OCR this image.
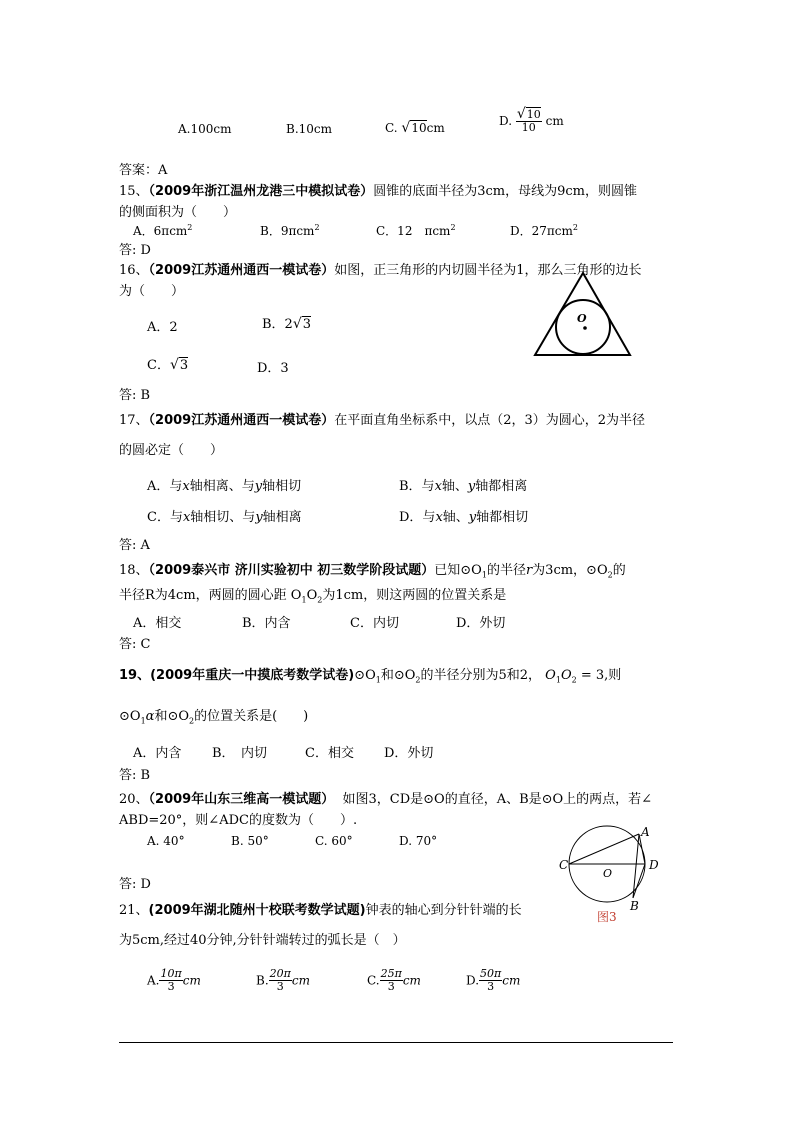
A.100cm	B.10cm	C. √10cm	D. $\frac{√10}{10}$ cm
答案：A
15、（2009年浙江温州龙港三中模拟试卷）圆锥的底面半径为3cm，母线为9cm，则圆锥
的侧面积为（　　）
A．6πcm$^2$	B．9πcm$^2$	C．12　πcm$^2$	D．27πcm$^2$
答: D
16、（2009江苏通州通西一模试卷）如图，正三角形的内切圆半径为1，那么三角形的边长
为（　　）
A．2	B．2√3
C．√3	D．3
O
答: B
17、（2009江苏通州通西一模试卷）在平面直角坐标系中，以点（2，3）为圆心，2为半径
的圆必定（　　）
A．与x轴相离、与y轴相切	B．与x轴、y轴都相离
C．与x轴相切、与y轴相离	D．与x轴、y轴都相切
答: A
18、（2009泰兴市 济川实验初中 初三数学阶段试题）已知$⊙O_1$的半径r为3cm，$⊙O_2$的
半径R为4cm，两圆的圆心距 $O_1O_2$为1cm，则这两圆的位置关系是
A．相交	B．内含	C．内切	D．外切
答: C
19、(2009年重庆一中摸底考数学试卷)$⊙O_1$和$⊙O_2$的半径分别为5和2， $O_1O_2 = 3$,则
$⊙O_1\alpha$和$⊙O_2$的位置关系是(　　)
A．内含 B．　内切	C．相交 D．外切
答: B
20、（2009年山东三维高一模试题） 如图3，CD是⊙O的直径，A、B是⊙O上的两点，若∠
ABD=20°，则∠ADC的度数为（　　）.
A. 40°	B. 50°	C. 60°	D. 70°
A
B
C	D
O
图3
答: D
21、(2009年湖北随州十校联考数学试题)钟表的轴心到分针针端的长
为5cm,经过40分钟,分针针端转过的弧长是（　）
A. $\frac{10\pi}{3}$ cm	B. $\frac{20\pi}{3}$ cm	C. $\frac{25\pi}{3}$ cm	D. $\frac{50\pi}{3}$ cm
